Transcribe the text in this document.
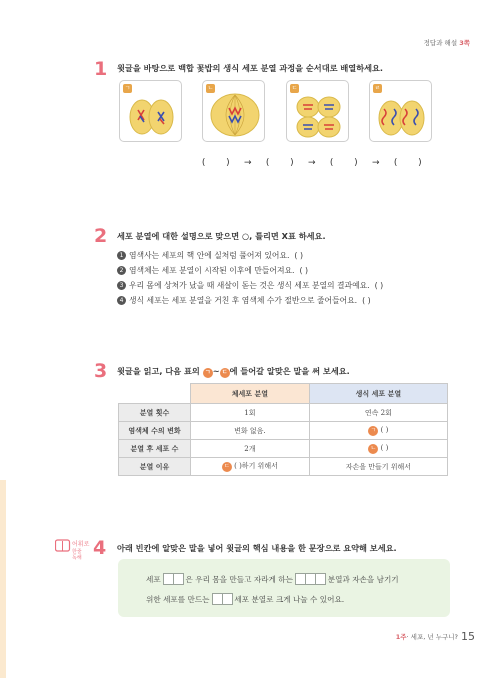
정답과 해설 3쪽
1 윗글을 바탕으로 백합 꽃밥의 생식 세포 분열 과정을 순서대로 배열하세요.
ㄱ	ㄴ	ㄷ	ㄹ
( ) → ( ) → ( ) → ( )
2 세포 분열에 대한 설명으로 맞으면 ○, 틀리면 X표 하세요.
1 염색사는 세포의 핵 안에 실처럼 풀어져 있어요. ( )
2 염색체는 세포 분열이 시작된 이후에 만들어져요. ( )
3 우리 몸에 상처가 났을 때 새살이 돋는 것은 생식 세포 분열의 결과예요. ( )
4 생식 세포는 세포 분열을 거친 후 염색체 수가 절반으로 줄어들어요. ( )
3 윗글을 읽고, 다음 표의 ㄱ ~ ㄷ 에 들어갈 알맞은 말을 써 보세요.
	체세포 분열	생식 세포 분열
분열 횟수	1회	연속 2회
염색체 수의 변화	변화 없음.	ㄱ ( )
분열 후 세포 수	2개	ㄴ ( )
분열 이유	ㄷ ( )하기 위해서	자손을 만들기 위해서
어휘로
한줄
독해 4 아래 빈칸에 알맞은 말을 넣어 윗글의 핵심 내용을 한 문장으로 요약해 보세요.
세포	은 우리 몸을 만들고 자라게 하는	분열과 자손을 남기기
위한 세포를 만드는	세포 분열로 크게 나눌 수 있어요.
1주· 세포, 넌 누구니? 15
